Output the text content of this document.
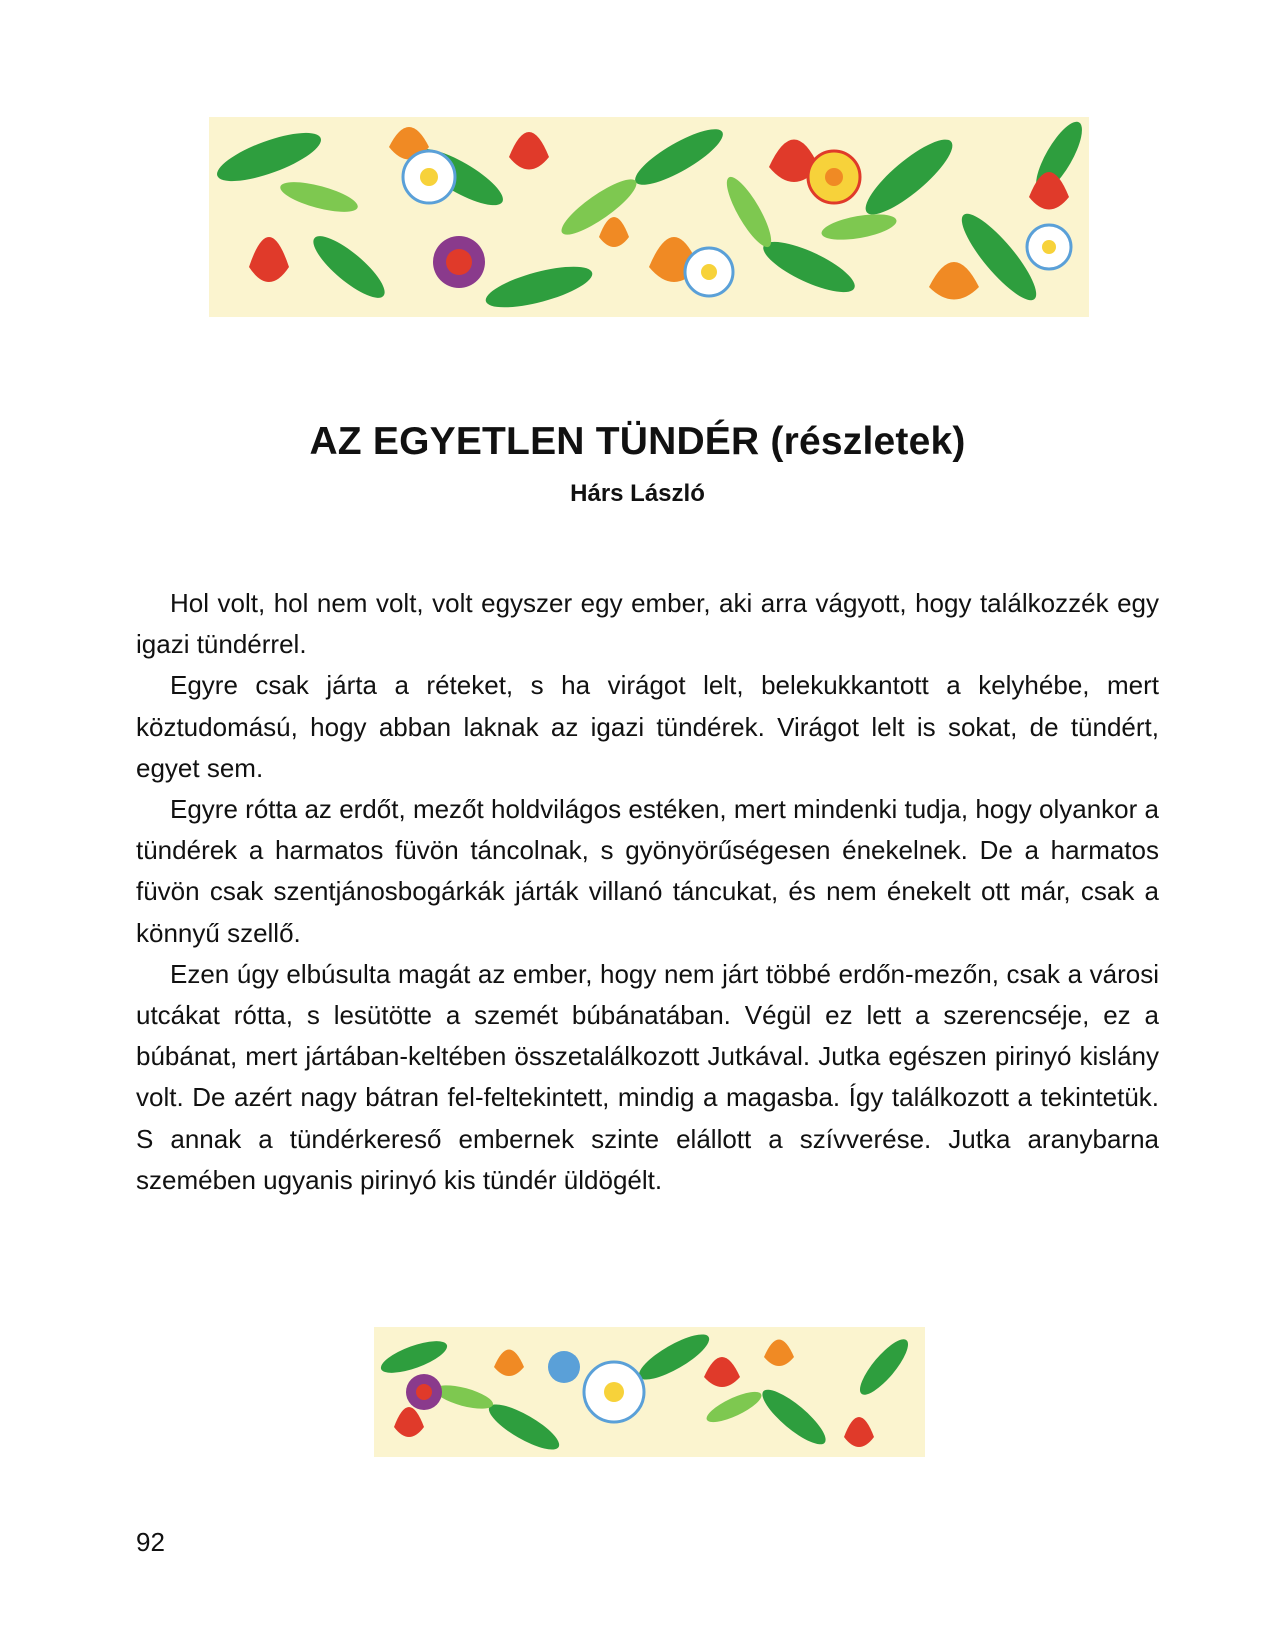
AZ EGYETLEN TÜNDÉR (részletek)
Hárs László

Hol volt, hol nem volt, volt egyszer egy ember, aki arra vágyott, hogy találkozzék egy igazi tündérrel.

Egyre csak járta a réteket, s ha virágot lelt, belekukkantott a kelyhébe, mert köztudomású, hogy abban laknak az igazi tündérek. Virágot lelt is sokat, de tündért, egyet sem.

Egyre rótta az erdőt, mezőt holdvilágos estéken, mert mindenki tudja, hogy olyankor a tündérek a harmatos füvön táncolnak, s gyönyörűségesen énekelnek. De a harmatos füvön csak szentjánosbogárkák járták villanó táncukat, és nem énekelt ott már, csak a könnyű szellő.

Ezen úgy elbúsulta magát az ember, hogy nem járt többé erdőn-mezőn, csak a városi utcákat rótta, s lesütötte a szemét búbánatában. Végül ez lett a szerencséje, ez a búbánat, mert jártában-keltében összetalálkozott Jutkával. Jutka egészen pirinyó kislány volt. De azért nagy bátran fel-feltekintett, mindig a magasba. Így találkozott a tekintetük. S annak a tündérkereső embernek szinte elállott a szívverése. Jutka aranybarna szemében ugyanis pirinyó kis tündér üldögélt.

92
